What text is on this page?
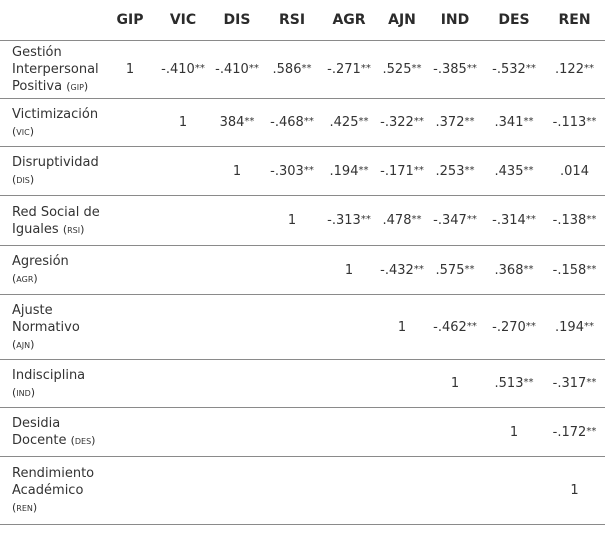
	GIP	VIC	DIS	RSI	AGR	AJN	IND	DES	REN
Gestión
Interpersonal
Positiva (gip)	1	-.410**	-.410**	.586**	-.271**	.525**	-.385**	-.532**	.122**
Victimización
(vic)		1	384**	-.468**	.425**	-.322**	.372**	.341**	-.113**
Disruptividad
(dis)			1	-.303**	.194**	-.171**	.253**	.435**	.014
Red Social de
Iguales (rsi)				1	-.313**	.478**	-.347**	-.314**	-.138**
Agresión
(agr)					1	-.432**	.575**	.368**	-.158**
Ajuste
Normativo
(ajn)						1	-.462**	-.270**	.194**
Indisciplina
(ind)							1	.513**	-.317**
Desidia
Docente (des)								1	-.172**
Rendimiento
Académico
(ren)									1
